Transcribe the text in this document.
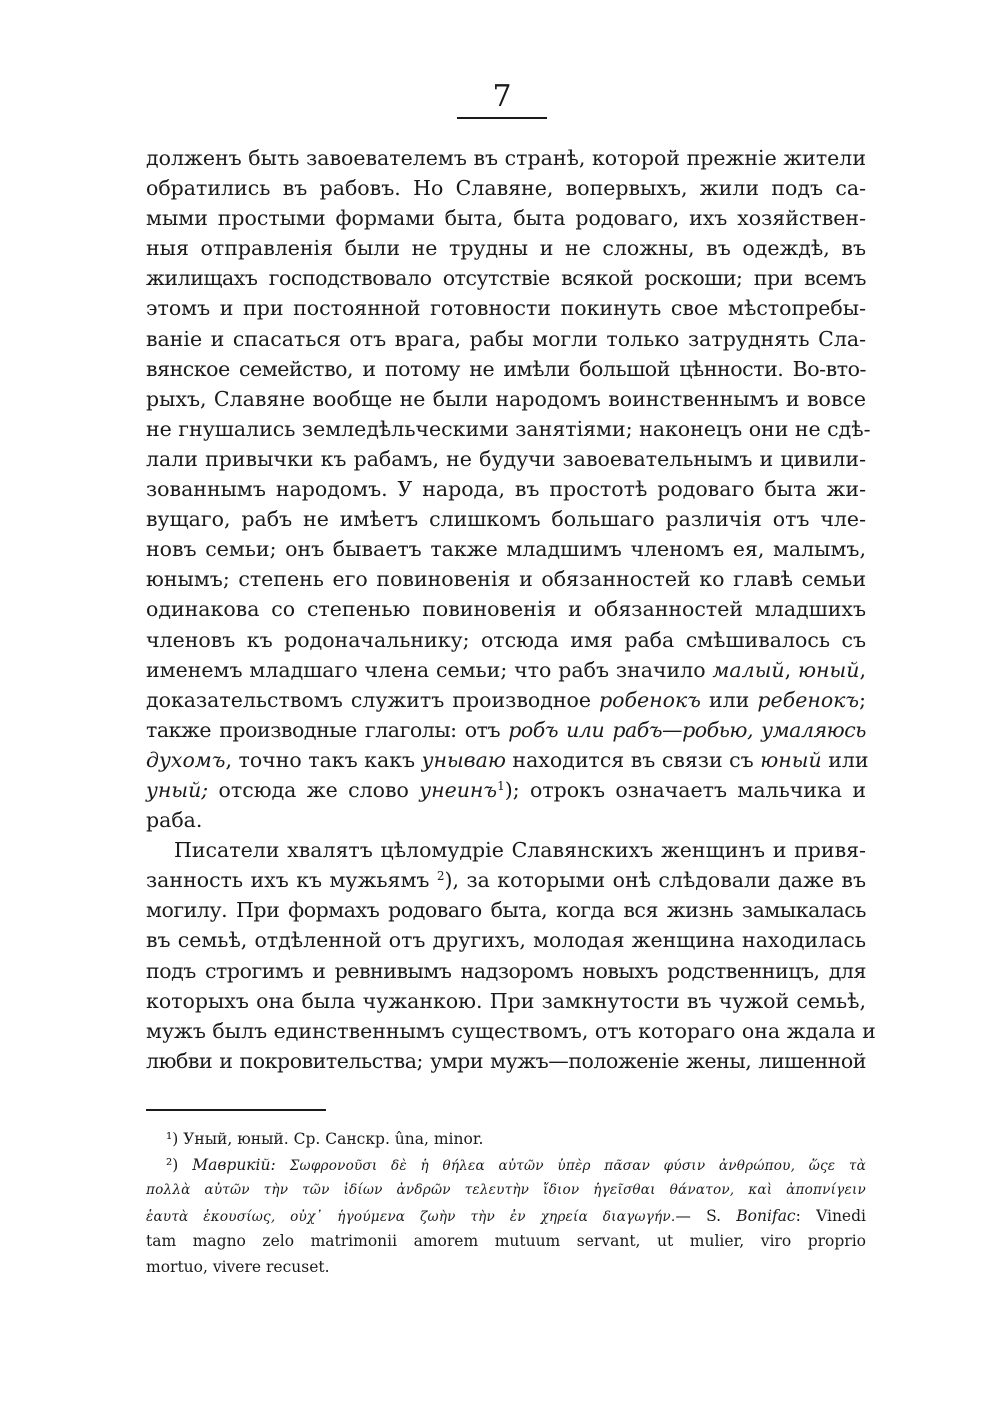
7
долженъ быть завоевателемъ въ странѣ, которой прежніе жители
обратились въ рабовъ. Но Славяне, вопервыхъ, жили подъ са-
мыми простыми формами быта, быта родоваго, ихъ хозяйствен-
ныя отправленія были не трудны и не сложны, въ одеждѣ, въ
жилищахъ господствовало отсутствіе всякой роскоши; при всемъ
этомъ и при постоянной готовности покинуть свое мѣстопребы-
ваніе и спасаться отъ врага, рабы могли только затруднять Сла-
вянское семейство, и потому не имѣли большой цѣнности. Во-вто-
рыхъ, Славяне вообще не были народомъ воинственнымъ и вовсе
не гнушались земледѣльческими занятіями; наконецъ они не сдѣ-
лали привычки къ рабамъ, не будучи завоевательнымъ и цивили-
зованнымъ народомъ. У народа, въ простотѣ родоваго быта жи-
вущаго, рабъ не имѣетъ слишкомъ большаго различія отъ чле-
новъ семьи; онъ бываетъ также младшимъ членомъ ея, малымъ,
юнымъ; степень его повиновенія и обязанностей ко главѣ семьи
одинакова со степенью повиновенія и обязанностей младшихъ
членовъ къ родоначальнику; отсюда имя раба смѣшивалось съ
именемъ младшаго члена семьи; что рабъ значило малый, юный,
доказательствомъ служитъ производное робенокъ или ребенокъ;
также производные глаголы: отъ робъ или рабъ—робью, умаляюсь
духомъ, точно такъ какъ унываю находится въ связи съ юный или
уный; отсюда же слово унеинъ$^1$); отрокъ означаетъ мальчика и
раба.
Писатели хвалятъ цѣломудріе Славянскихъ женщинъ и привя-
занность ихъ къ мужьямъ $^2$), за которыми онѣ слѣдовали даже въ
могилу. При формахъ родоваго быта, когда вся жизнь замыкалась
въ семьѣ, отдѣленной отъ другихъ, молодая женщина находилась
подъ строгимъ и ревнивымъ надзоромъ новыхъ родственницъ, для
которыхъ она была чужанкою. При замкнутости въ чужой семьѣ,
мужъ былъ единственнымъ существомъ, отъ котораго она ждала и
любви и покровительства; умри мужъ—положеніе жены, лишенной
¹) Уный, юный. Ср. Санскр. ûna, minor.
²) Маврикій: Σωφρονοῦσι δὲ ἡ θήλεα αὐτῶν ὑπὲρ πᾶσαν φύσιν ἀνθρώπου, ὥςε τὰ
πολλὰ αὐτῶν τὴν τῶν ἰδίων ἀνδρῶν τελευτὴν ἴδιον ἡγεῖσθαι θάνατον, καὶ ἀποπνίγειν
ἑαυτὰ ἑκουσίως, οὐχ᾽ ἡγούμενα ζωὴν τὴν ἐν χηρεία διαγωγήν.— S. Bonifac: Vinedi
tam magno zelo matrimonii amorem mutuum servant, ut mulier, viro proprio
mortuo, vivere recuset.
